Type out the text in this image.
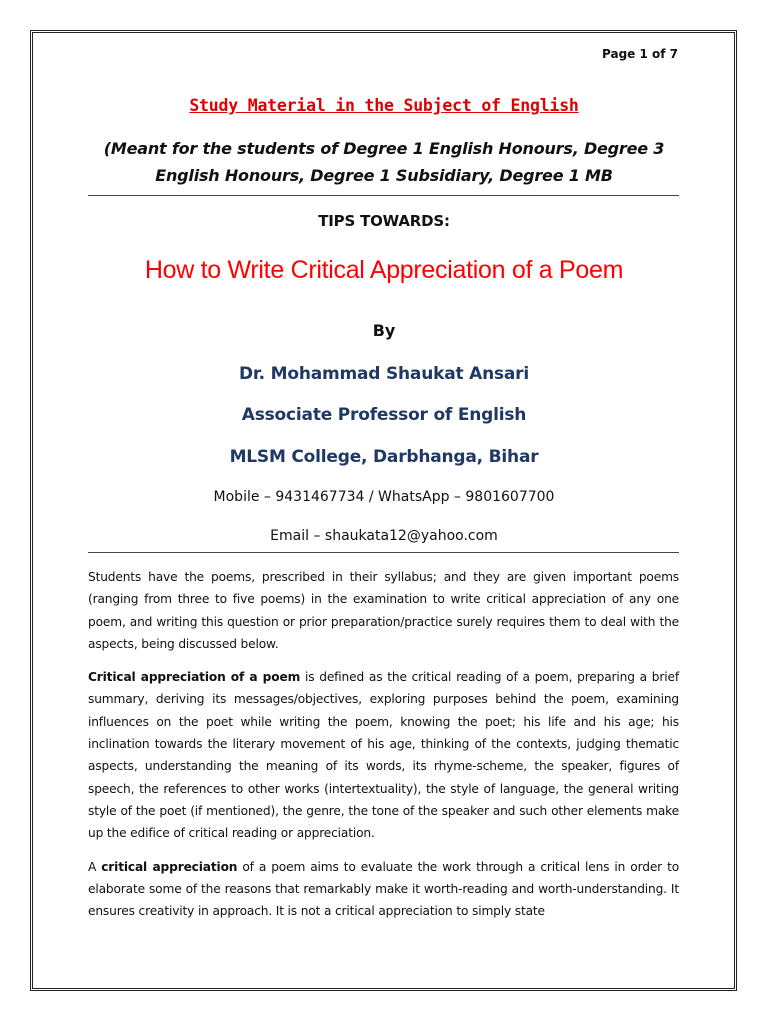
Page 1 of 7
Study Material in the Subject of English
(Meant for the students of Degree 1 English Honours, Degree 3 English Honours, Degree 1 Subsidiary, Degree 1 MB
TIPS TOWARDS:
How to Write Critical Appreciation of a Poem
By
Dr. Mohammad Shaukat Ansari
Associate Professor of English
MLSM College, Darbhanga, Bihar
Mobile – 9431467734 / WhatsApp – 9801607700
Email – shaukata12@yahoo.com

Students have the poems, prescribed in their syllabus; and they are given important poems (ranging from three to five poems) in the examination to write critical appreciation of any one poem, and writing this question or prior preparation/practice surely requires them to deal with the aspects, being discussed below.

Critical appreciation of a poem is defined as the critical reading of a poem, preparing a brief summary, deriving its messages/objectives, exploring purposes behind the poem, examining influences on the poet while writing the poem, knowing the poet; his life and his age; his inclination towards the literary movement of his age, thinking of the contexts, judging thematic aspects, understanding the meaning of its words, its rhyme-scheme, the speaker, figures of speech, the references to other works (intertextuality), the style of language, the general writing style of the poet (if mentioned), the genre, the tone of the speaker and such other elements make up the edifice of critical reading or appreciation.

A critical appreciation of a poem aims to evaluate the work through a critical lens in order to elaborate some of the reasons that remarkably make it worth-reading and worth-understanding. It ensures creativity in approach. It is not a critical appreciation to simply state
